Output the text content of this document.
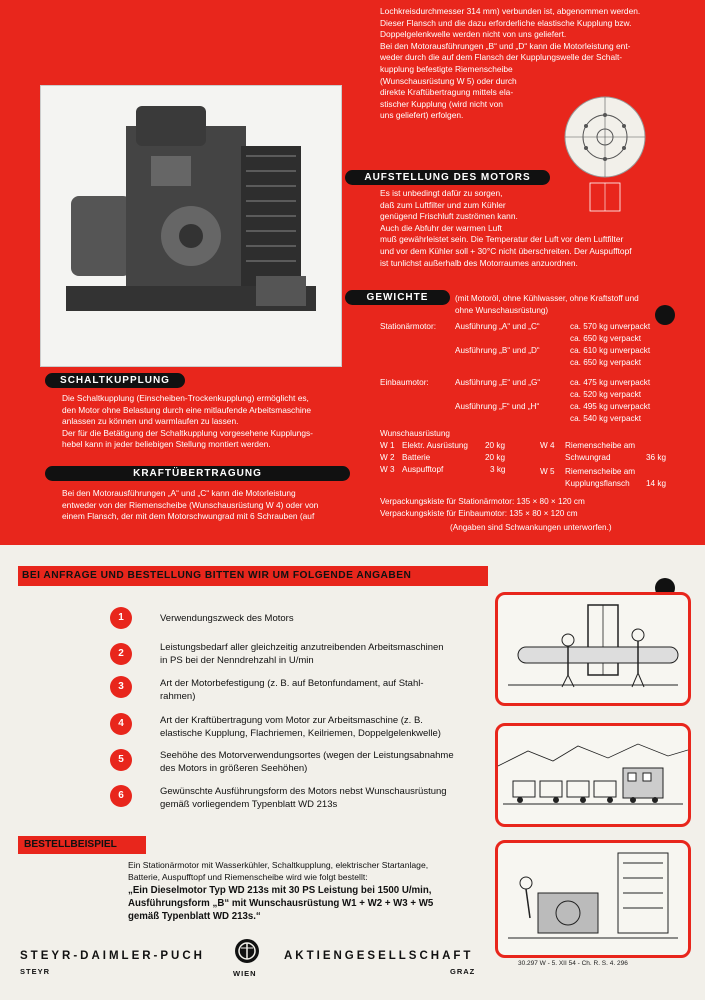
Lochkreisdurchmesser 314 mm) verbunden ist, abgenommen werden.
Dieser Flansch und die dazu erforderliche elastische Kupplung bzw.
Doppelgelenkwelle werden nicht von uns geliefert.
Bei den Motorausführungen „B“ und „D“ kann die Motorleistung ent-
weder durch die auf dem Flansch der Kupplungswelle der Schalt-
kupplung befestigte Riemenscheibe
(Wunschausrüstung W 5) oder durch
direkte Kraftübertragung mittels ela-
stischer Kupplung (wird nicht von
uns geliefert) erfolgen.
AUFSTELLUNG DES MOTORS
Es ist unbedingt dafür zu sorgen,
daß zum Luftfilter und zum Kühler
genügend Frischluft zuströmen kann.
Auch die Abfuhr der warmen Luft
muß gewährleistet sein. Die Temperatur der Luft vor dem Luftfilter
und vor dem Kühler soll + 30°C nicht überschreiten. Der Auspufftopf
ist tunlichst außerhalb des Motorraumes anzuordnen.
GEWICHTE	(mit Motoröl, ohne Kühlwasser, ohne Kraftstoff und
ohne Wunschausrüstung)
Stationärmotor: Ausführung „A“ und „C“	ca. 570 kg unverpackt
ca. 650 kg verpackt
Ausführung „B“ und „D“	ca. 610 kg unverpackt
ca. 650 kg verpackt
Einbaumotor:	Ausführung „E“ und „G“	ca. 475 kg unverpackt
ca. 520 kg verpackt
Ausführung „F“ und „H“	ca. 495 kg unverpackt
ca. 540 kg verpackt
Wunschausrüstung
W 1 Elektr. Ausrüstung 20 kg
W 2 Batterie	20 kg
W 3 Auspufftopf	3 kg
W 4 Riemenscheibe am
Schwungrad	36 kg
W 5 Riemenscheibe am
Kupplungsflansch 14 kg
Verpackungskiste für Stationärmotor: 135 × 80 × 120 cm
Verpackungskiste für Einbaumotor: 135 × 80 × 120 cm
(Angaben sind Schwankungen unterworfen.)
SCHALTKUPPLUNG
Die Schaltkupplung (Einscheiben-Trockenkupplung) ermöglicht es,
den Motor ohne Belastung durch eine mitlaufende Arbeitsmaschine
anlassen zu können und warmlaufen zu lassen.
Der für die Betätigung der Schaltkupplung vorgesehene Kupplungs-
hebel kann in jeder beliebigen Stellung montiert werden.
KRAFTÜBERTRAGUNG
Bei den Motorausführungen „A“ und „C“ kann die Motorleistung
entweder von der Riemenscheibe (Wunschausrüstung W 4) oder von
einem Flansch, der mit dem Motorschwungrad mit 6 Schrauben (auf
BEI ANFRAGE UND BESTELLUNG BITTEN WIR UM FOLGENDE ANGABEN
1	Verwendungszweck des Motors
2
Leistungsbedarf aller gleichzeitig anzutreibenden Arbeitsmaschinen
in PS bei der Nenndrehzahl in U/min
3	Art der Motorbefestigung (z. B. auf Betonfundament, auf Stahl-
rahmen)
4	Art der Kraftübertragung vom Motor zur Arbeitsmaschine (z. B.
elastische Kupplung, Flachriemen, Keilriemen, Doppelgelenkwelle)
5	Seehöhe des Motorverwendungsortes (wegen der Leistungsabnahme
des Motors in größeren Seehöhen)
6	Gewünschte Ausführungsform des Motors nebst Wunschausrüstung
gemäß vorliegendem Typenblatt WD 213s
BESTELLBEISPIEL
Ein Stationärmotor mit Wasserkühler, Schaltkupplung, elektrischer Startanlage,
Batterie, Auspufftopf und Riemenscheibe wird wie folgt bestellt:
„Ein Dieselmotor Typ WD 213s mit 30 PS Leistung bei 1500 U/min,
Ausführungsform „B“ mit Wunschausrüstung W1 + W2 + W3 + W5
gemäß Typenblatt WD 213s.“
STEYR-DAIMLER-PUCH	AKTIENGESELLSCHAFT
STEYR	WIEN	GRAZ
30.297 W - 5. XII 54 - Ch. R. S. 4. 296
